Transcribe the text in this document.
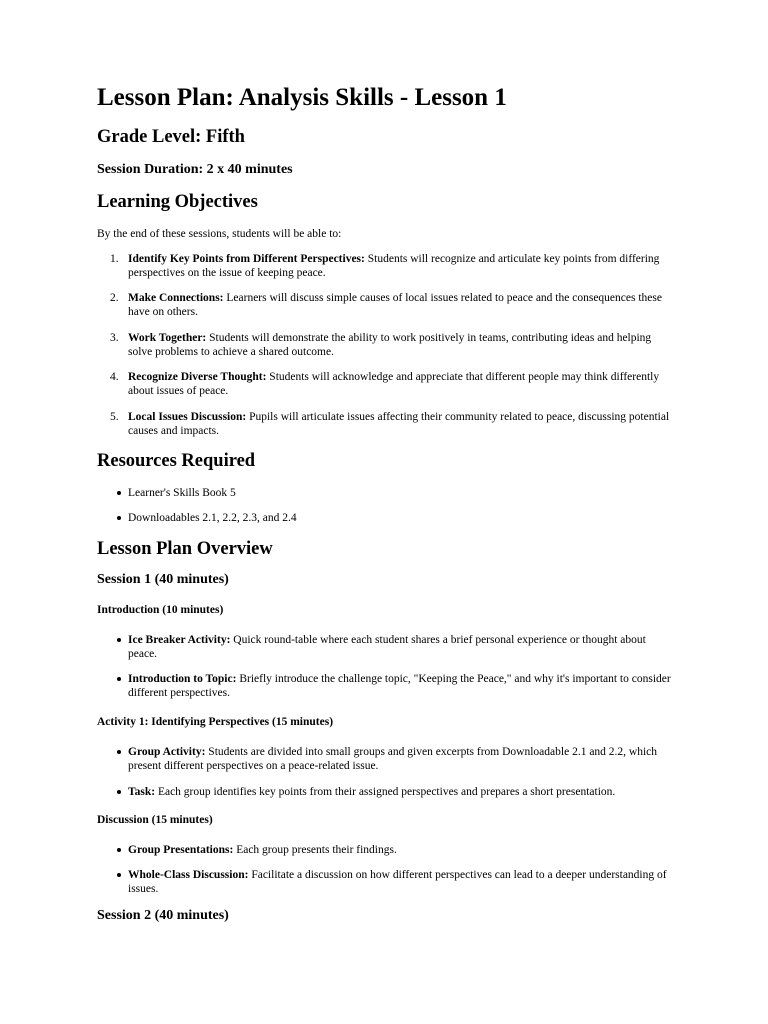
Lesson Plan: Analysis Skills - Lesson 1
Grade Level: Fifth
Session Duration: 2 x 40 minutes
Learning Objectives
By the end of these sessions, students will be able to:
1. Identify Key Points from Different Perspectives: Students will recognize and articulate key points from differing perspectives on the issue of keeping peace.
2. Make Connections: Learners will discuss simple causes of local issues related to peace and the consequences these have on others.
3. Work Together: Students will demonstrate the ability to work positively in teams, contributing ideas and helping solve problems to achieve a shared outcome.
4. Recognize Diverse Thought: Students will acknowledge and appreciate that different people may think differently about issues of peace.
5. Local Issues Discussion: Pupils will articulate issues affecting their community related to peace, discussing potential causes and impacts.
Resources Required
Learner's Skills Book 5
Downloadables 2.1, 2.2, 2.3, and 2.4
Lesson Plan Overview
Session 1 (40 minutes)
Introduction (10 minutes)
Ice Breaker Activity: Quick round-table where each student shares a brief personal experience or thought about peace.
Introduction to Topic: Briefly introduce the challenge topic, "Keeping the Peace," and why it's important to consider different perspectives.
Activity 1: Identifying Perspectives (15 minutes)
Group Activity: Students are divided into small groups and given excerpts from Downloadable 2.1 and 2.2, which present different perspectives on a peace-related issue.
Task: Each group identifies key points from their assigned perspectives and prepares a short presentation.
Discussion (15 minutes)
Group Presentations: Each group presents their findings.
Whole-Class Discussion: Facilitate a discussion on how different perspectives can lead to a deeper understanding of issues.
Session 2 (40 minutes)
